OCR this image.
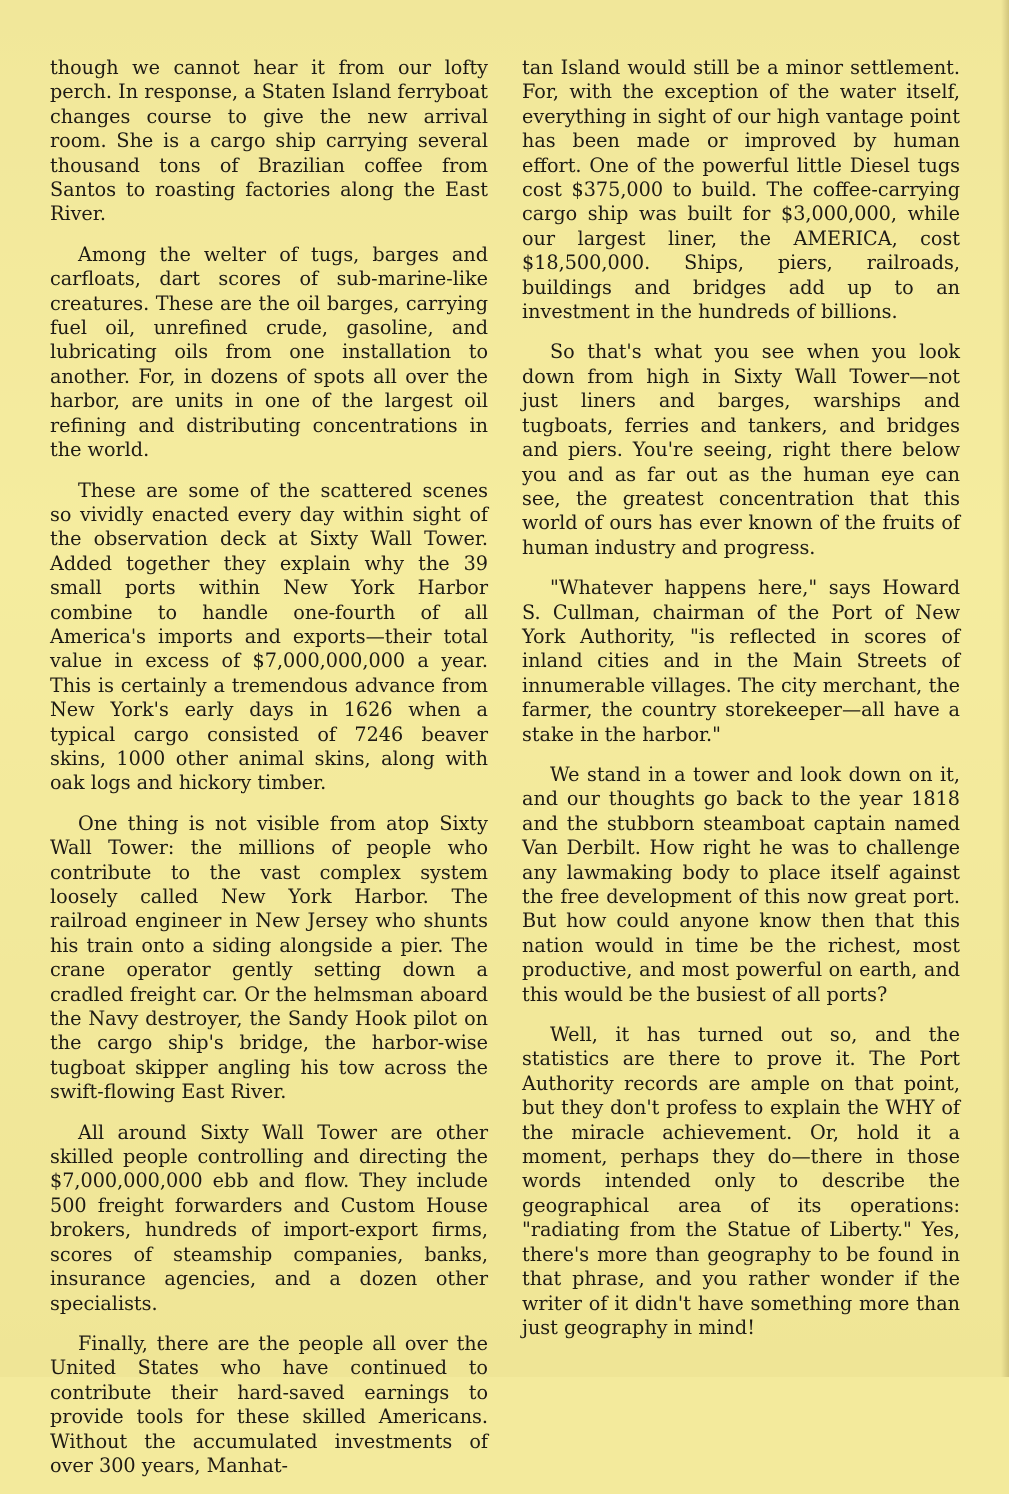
though we cannot hear it from our lofty perch. In response, a Staten Island ferryboat changes course to give the new arrival room. She is a cargo ship carrying several thousand tons of Brazilian coffee from Santos to roasting factories along the East River.

Among the welter of tugs, barges and carfloats, dart scores of sub-marine-like creatures. These are the oil barges, carrying fuel oil, unrefined crude, gasoline, and lubricating oils from one installation to another. For, in dozens of spots all over the harbor, are units in one of the largest oil refining and distributing concentrations in the world.

These are some of the scattered scenes so vividly enacted every day within sight of the observation deck at Sixty Wall Tower. Added together they explain why the 39 small ports within New York Harbor combine to handle one-fourth of all America's imports and exports—their total value in excess of $7,000,000,000 a year. This is certainly a tremendous advance from New York's early days in 1626 when a typical cargo consisted of 7246 beaver skins, 1000 other animal skins, along with oak logs and hickory timber.

One thing is not visible from atop Sixty Wall Tower: the millions of people who contribute to the vast complex system loosely called New York Harbor. The railroad engineer in New Jersey who shunts his train onto a siding alongside a pier. The crane operator gently setting down a cradled freight car. Or the helmsman aboard the Navy destroyer, the Sandy Hook pilot on the cargo ship's bridge, the harbor-wise tugboat skipper angling his tow across the swift-flowing East River.

All around Sixty Wall Tower are other skilled people controlling and directing the $7,000,000,000 ebb and flow. They include 500 freight forwarders and Custom House brokers, hundreds of import-export firms, scores of steamship companies, banks, insurance agencies, and a dozen other specialists.

Finally, there are the people all over the United States who have continued to contribute their hard-saved earnings to provide tools for these skilled Americans. Without the accumulated investments of over 300 years, Manhat-

tan Island would still be a minor settlement. For, with the exception of the water itself, everything in sight of our high vantage point has been made or improved by human effort. One of the powerful little Diesel tugs cost $375,000 to build. The coffee-carrying cargo ship was built for $3,000,000, while our largest liner, the AMERICA, cost $18,500,000. Ships, piers, railroads, buildings and bridges add up to an investment in the hundreds of billions.

So that's what you see when you look down from high in Sixty Wall Tower—not just liners and barges, warships and tugboats, ferries and tankers, and bridges and piers. You're seeing, right there below you and as far out as the human eye can see, the greatest concentration that this world of ours has ever known of the fruits of human industry and progress.

"Whatever happens here," says Howard S. Cullman, chairman of the Port of New York Authority, "is reflected in scores of inland cities and in the Main Streets of innumerable villages. The city merchant, the farmer, the country storekeeper—all have a stake in the harbor."

We stand in a tower and look down on it, and our thoughts go back to the year 1818 and the stubborn steamboat captain named Van Derbilt. How right he was to challenge any lawmaking body to place itself against the free development of this now great port. But how could anyone know then that this nation would in time be the richest, most productive, and most powerful on earth, and this would be the busiest of all ports?

Well, it has turned out so, and the statistics are there to prove it. The Port Authority records are ample on that point, but they don't profess to explain the WHY of the miracle achievement. Or, hold it a moment, perhaps they do—there in those words intended only to describe the geographical area of its operations: "radiating from the Statue of Liberty." Yes, there's more than geography to be found in that phrase, and you rather wonder if the writer of it didn't have something more than just geography in mind!
